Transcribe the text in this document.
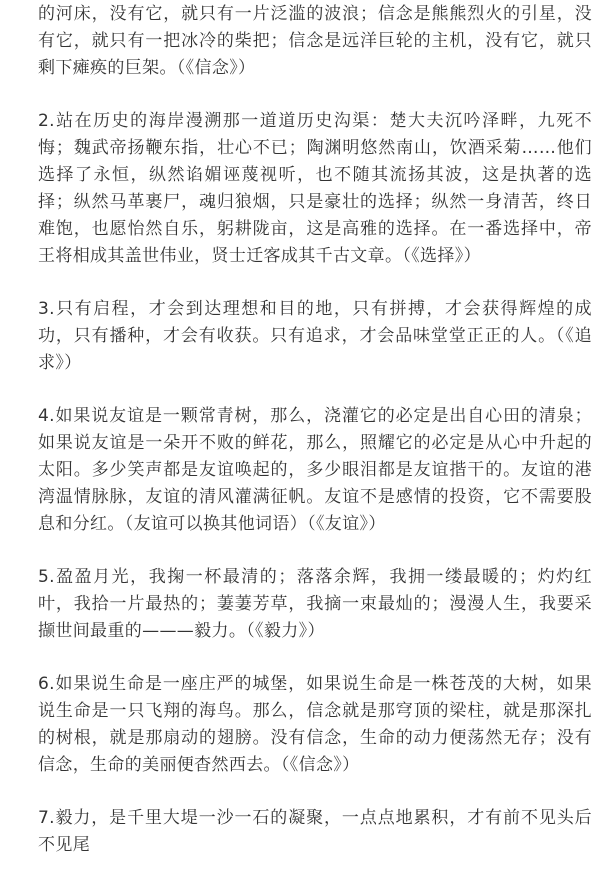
的河床，没有它，就只有一片泛滥的波浪；信念是熊熊烈火的引星，没有它，就只有一把冰冷的柴把；信念是远洋巨轮的主机，没有它，就只剩下瘫痪的巨架。（《信念》）

2.站在历史的海岸漫溯那一道道历史沟渠：楚大夫沉吟泽畔，九死不悔；魏武帝扬鞭东指，壮心不已；陶渊明悠然南山，饮酒采菊……他们选择了永恒，纵然谄媚诬蔑视听，也不随其流扬其波，这是执著的选择；纵然马革裹尸，魂归狼烟，只是豪壮的选择；纵然一身清苦，终日难饱，也愿怡然自乐，躬耕陇亩，这是高雅的选择。在一番选择中，帝王将相成其盖世伟业，贤士迁客成其千古文章。（《选择》）

3.只有启程，才会到达理想和目的地，只有拼搏，才会获得辉煌的成功，只有播种，才会有收获。只有追求，才会品味堂堂正正的人。（《追求》）

4.如果说友谊是一颗常青树，那么，浇灌它的必定是出自心田的清泉；如果说友谊是一朵开不败的鲜花，那么，照耀它的必定是从心中升起的太阳。多少笑声都是友谊唤起的，多少眼泪都是友谊揩干的。友谊的港湾温情脉脉，友谊的清风灌满征帆。友谊不是感情的投资，它不需要股息和分红。（友谊可以换其他词语）（《友谊》）

5.盈盈月光，我掬一杯最清的；落落余辉，我拥一缕最暖的；灼灼红叶，我拾一片最热的；萋萋芳草，我摘一束最灿的；漫漫人生，我要采撷世间最重的———毅力。（《毅力》）

6.如果说生命是一座庄严的城堡，如果说生命是一株苍茂的大树，如果说生命是一只飞翔的海鸟。那么，信念就是那穹顶的梁柱，就是那深扎的树根，就是那扇动的翅膀。没有信念，生命的动力便荡然无存；没有信念，生命的美丽便杳然西去。（《信念》）

7.毅力，是千里大堤一沙一石的凝聚，一点点地累积，才有前不见头后不见尾
